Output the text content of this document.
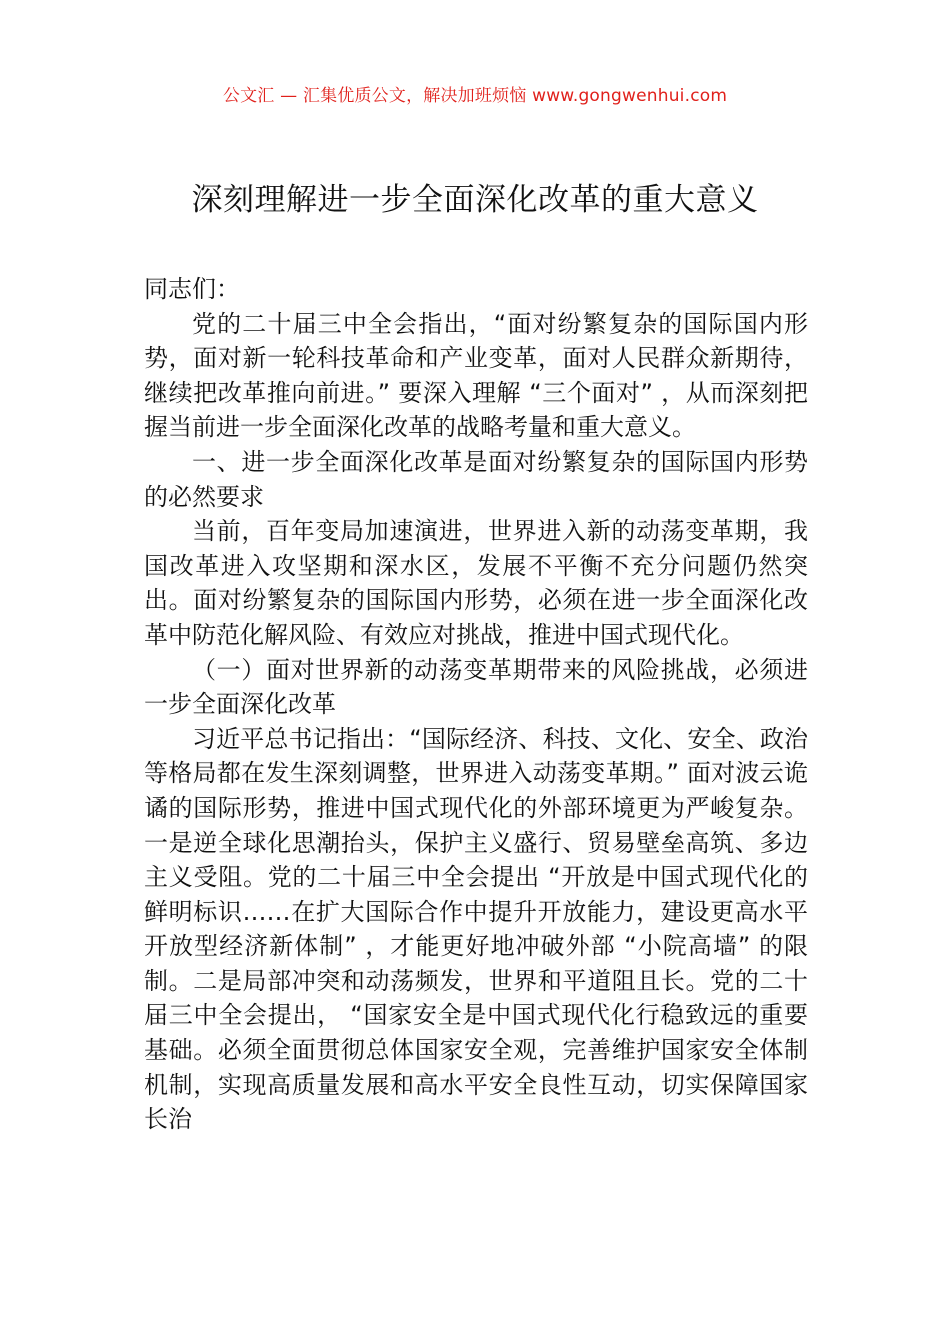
公文汇 — 汇集优质公文，解决加班烦恼 www.gongwenhui.com
深刻理解进一步全面深化改革的重大意义

同志们：

党的二十届三中全会指出，“面对纷繁复杂的国际国内形势，面对新一轮科技革命和产业变革，面对人民群众新期待，继续把改革推向前进。” 要深入理解 “三个面对” ，从而深刻把握当前进一步全面深化改革的战略考量和重大意义。

一、进一步全面深化改革是面对纷繁复杂的国际国内形势的必然要求

当前，百年变局加速演进，世界进入新的动荡变革期，我国改革进入攻坚期和深水区，发展不平衡不充分问题仍然突出。面对纷繁复杂的国际国内形势，必须在进一步全面深化改革中防范化解风险、有效应对挑战，推进中国式现代化。

（一）面对世界新的动荡变革期带来的风险挑战，必须进一步全面深化改革

习近平总书记指出：“国际经济、科技、文化、安全、政治等格局都在发生深刻调整，世界进入动荡变革期。” 面对波云诡谲的国际形势，推进中国式现代化的外部环境更为严峻复杂。一是逆全球化思潮抬头，保护主义盛行、贸易壁垒高筑、多边主义受阻。党的二十届三中全会提出 “开放是中国式现代化的鲜明标识……在扩大国际合作中提升开放能力，建设更高水平开放型经济新体制” ，才能更好地冲破外部 “小院高墙” 的限制。二是局部冲突和动荡频发，世界和平道阻且长。党的二十届三中全会提出， “国家安全是中国式现代化行稳致远的重要基础。必须全面贯彻总体国家安全观，完善维护国家安全体制机制，实现高质量发展和高水平安全良性互动，切实保障国家长治
